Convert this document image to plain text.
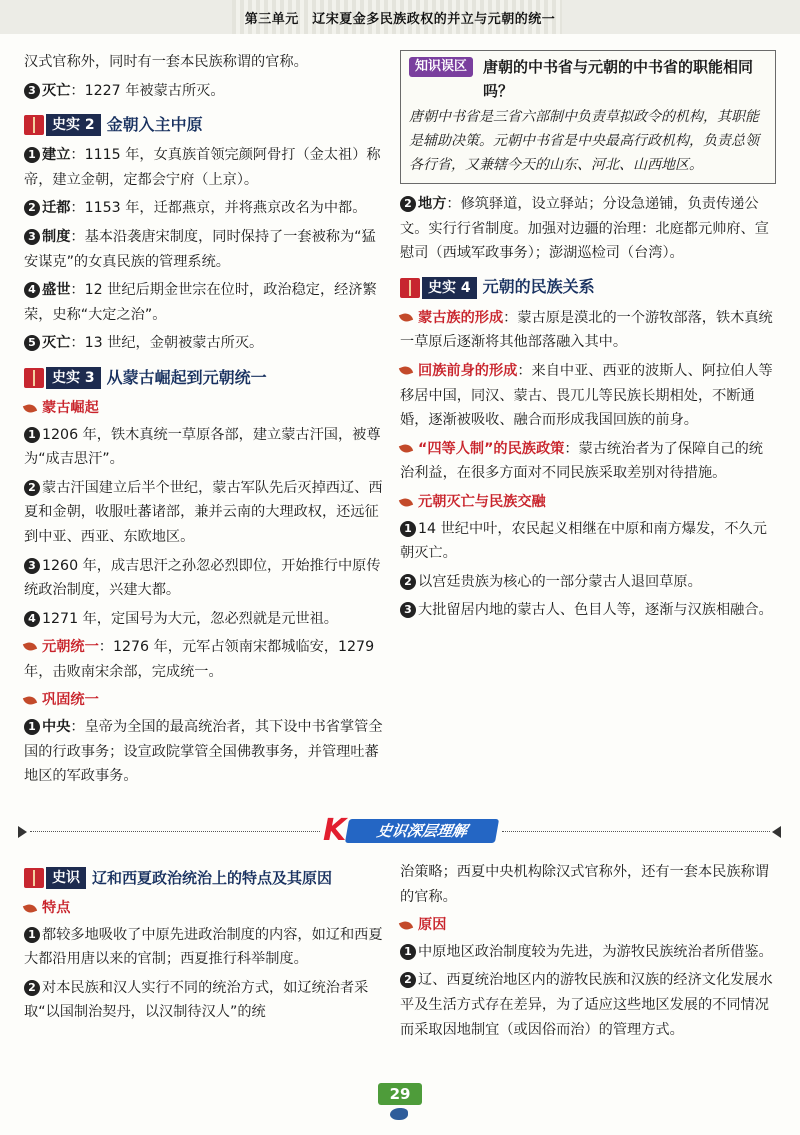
第三单元　辽宋夏金多民族政权的并立与元朝的统一

汉式官称外，同时有一套本民族称谓的官称。

3 灭亡：1227 年被蒙古所灭。

史实 2 金朝入主中原

1 建立：1115 年，女真族首领完颜阿骨打（金太祖）称帝，建立金朝，定都会宁府（上京）。

2 迁都：1153 年，迁都燕京，并将燕京改名为中都。

3 制度：基本沿袭唐宋制度，同时保持了一套被称为“猛安谋克”的女真民族的管理系统。

4 盛世：12 世纪后期金世宗在位时，政治稳定，经济繁荣，史称“大定之治”。

5 灭亡：13 世纪，金朝被蒙古所灭。

史实 3 从蒙古崛起到元朝统一
蒙古崛起

1 1206 年，铁木真统一草原各部，建立蒙古汗国，被尊为“成吉思汗”。

2 蒙古汗国建立后半个世纪，蒙古军队先后灭掉西辽、西夏和金朝，收服吐蕃诸部，兼并云南的大理政权，还远征到中亚、西亚、东欧地区。

3 1260 年，成吉思汗之孙忽必烈即位，开始推行中原传统政治制度，兴建大都。

4 1271 年，定国号为大元，忽必烈就是元世祖。

元朝统一：1276 年，元军占领南宋都城临安，1279 年，击败南宋余部，完成统一。

巩固统一

1 中央：皇帝为全国的最高统治者，其下设中书省掌管全国的行政事务；设宣政院掌管全国佛教事务，并管理吐蕃地区的军政事务。

知识误区	唐朝的中书省与元朝的中书省的职能相同吗？
唐朝中书省是三省六部制中负责草拟政令的机构，其职能是辅助决策。元朝中书省是中央最高行政机构，负责总领各行省，又兼辖今天的山东、河北、山西地区。

2 地方：修筑驿道，设立驿站；分设急递铺，负责传递公文。实行行省制度。加强对边疆的治理：北庭都元帅府、宣慰司（西域军政事务）；澎湖巡检司（台湾）。

史实 4 元朝的民族关系

蒙古族的形成：蒙古原是漠北的一个游牧部落，铁木真统一草原后逐渐将其他部落融入其中。

回族前身的形成：来自中亚、西亚的波斯人、阿拉伯人等移居中国，同汉、蒙古、畏兀儿等民族长期相处，不断通婚，逐渐被吸收、融合而形成我国回族的前身。

“四等人制”的民族政策：蒙古统治者为了保障自己的统治利益，在很多方面对不同民族采取差别对待措施。

元朝灭亡与民族交融

1 14 世纪中叶，农民起义相继在中原和南方爆发，不久元朝灭亡。

2 以宫廷贵族为核心的一部分蒙古人退回草原。

3 大批留居内地的蒙古人、色目人等，逐渐与汉族相融合。

史识深层理解
K
史识 辽和西夏政治统治上的特点及其原因
特点

1 都较多地吸收了中原先进政治制度的内容，如辽和西夏大都沿用唐以来的官制；西夏推行科举制度。

2 对本民族和汉人实行不同的统治方式，如辽统治者采取“以国制治契丹，以汉制待汉人”的统

治策略；西夏中央机构除汉式官称外，还有一套本民族称谓的官称。

原因

1 中原地区政治制度较为先进，为游牧民族统治者所借鉴。

2 辽、西夏统治地区内的游牧民族和汉族的经济文化发展水平及生活方式存在差异，为了适应这些地区发展的不同情况而采取因地制宜（或因俗而治）的管理方式。

29
